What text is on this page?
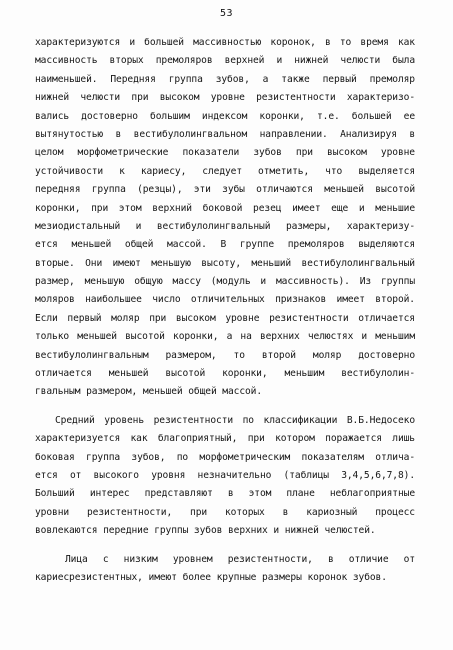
53
характеризуются и большей массивностью коронок, в то время как
массивность вторых премоляров верхней и нижней челюсти была
наименьшей. Передняя группа зубов, а также первый премоляр
нижней челюсти при высоком уровне резистентности характеризо-
вались достоверно большим индексом коронки, т.е. большей ее
вытянутостью в вестибулолингвальном направлении. Анализируя в
целом морфометрические показатели зубов при высоком уровне
устойчивости к кариесу, следует отметить, что выделяется
передняя группа (резцы), эти зубы отличаются меньшей высотой
коронки, при этом верхний боковой резец имеет еще и меньшие
мезиодистальный и вестибулолингвальный размеры, характеризу-
ется меньшей общей массой. В группе премоляров выделяются
вторые. Они имеют меньшую высоту, меньший вестибулолингвальный
размер, меньшую общую массу (модуль и массивность). Из группы
моляров наибольшее число отличительных признаков имеет второй.
Если первый моляр при высоком уровне резистентности отличается
только меньшей высотой коронки, а на верхних челюстях и меньшим
вестибулолингвальным размером, то второй моляр достоверно
отличается меньшей высотой коронки, меньшим вестибулолин-
гвальным размером, меньшей общей массой.
Средний уровень резистентности по классификации В.Б.Недосеко
характеризуется как благоприятный, при котором поражается лишь
боковая группа зубов, по морфометрическим показателям отлича-
ется от высокого уровня незначительно (таблицы 3,4,5,6,7,8).
Больший интерес представляют в этом плане неблагоприятные
уровни резистентности, при которых в кариозный процесс
вовлекаются передние группы зубов верхних и нижней челюстей.
Лица с низким уровнем резистентности, в отличие от
кариесрезистентных, имеют более крупные размеры коронок зубов.
